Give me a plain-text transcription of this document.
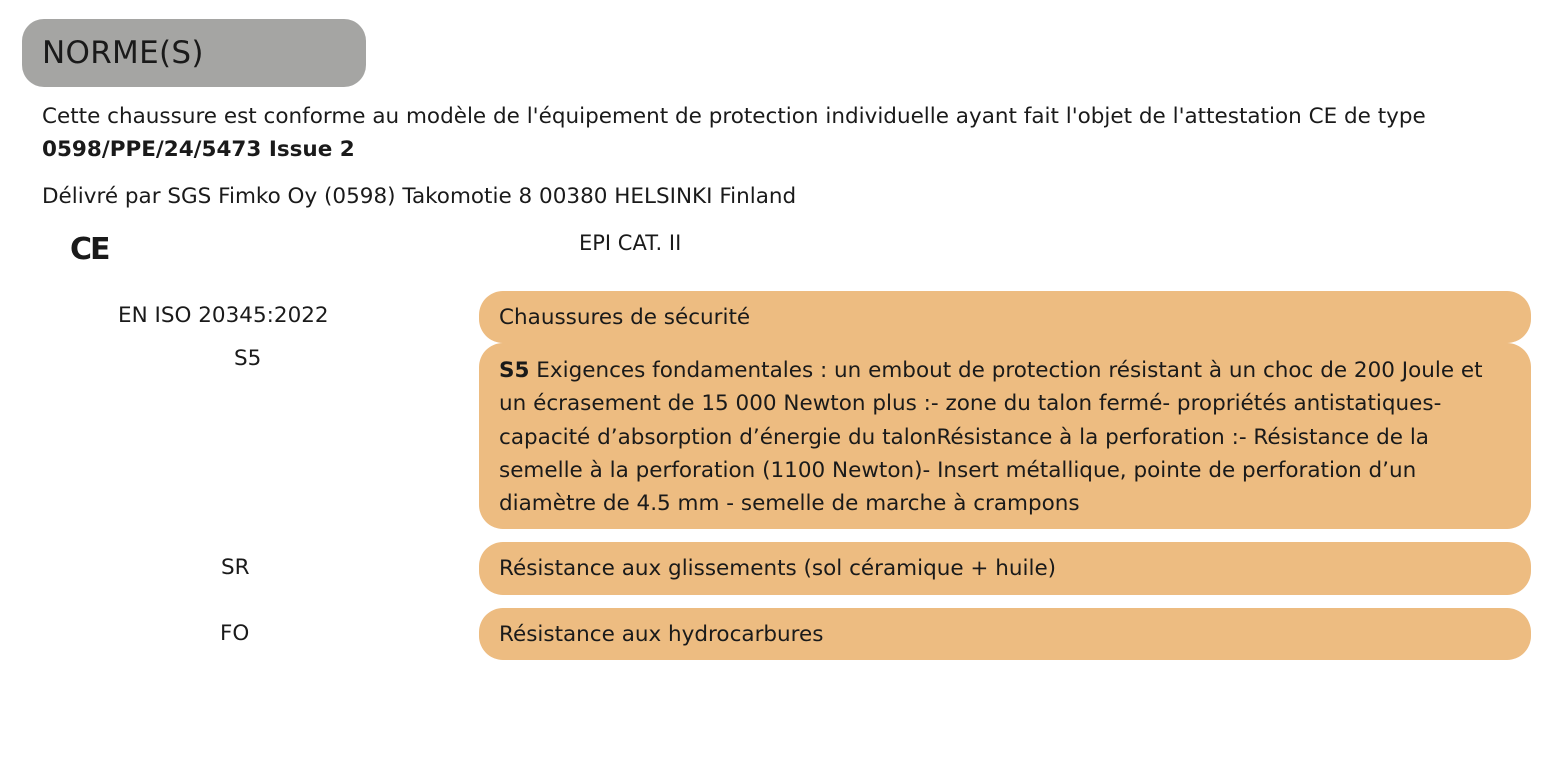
NORME(S)
Cette chaussure est conforme au modèle de l'équipement de protection individuelle ayant fait l'objet de l'attestation CE de type 0598/PPE/24/5473 Issue 2
Délivré par SGS Fimko Oy (0598) Takomotie 8 00380 HELSINKI Finland
CE	EPI CAT. II
EN ISO 20345:2022	Chaussures de sécurité
S5	S5 Exigences fondamentales : un embout de protection résistant à un choc de 200 Joule et un écrasement de 15 000 Newton plus :- zone du talon fermé- propriétés antistatiques- capacité d’absorption d’énergie du talonRésistance à la perforation :- Résistance de la semelle à la perforation (1100 Newton)- Insert métallique, pointe de perforation d’un diamètre de 4.5 mm - semelle de marche à crampons
SR	Résistance aux glissements (sol céramique + huile)
FO	Résistance aux hydrocarbures
